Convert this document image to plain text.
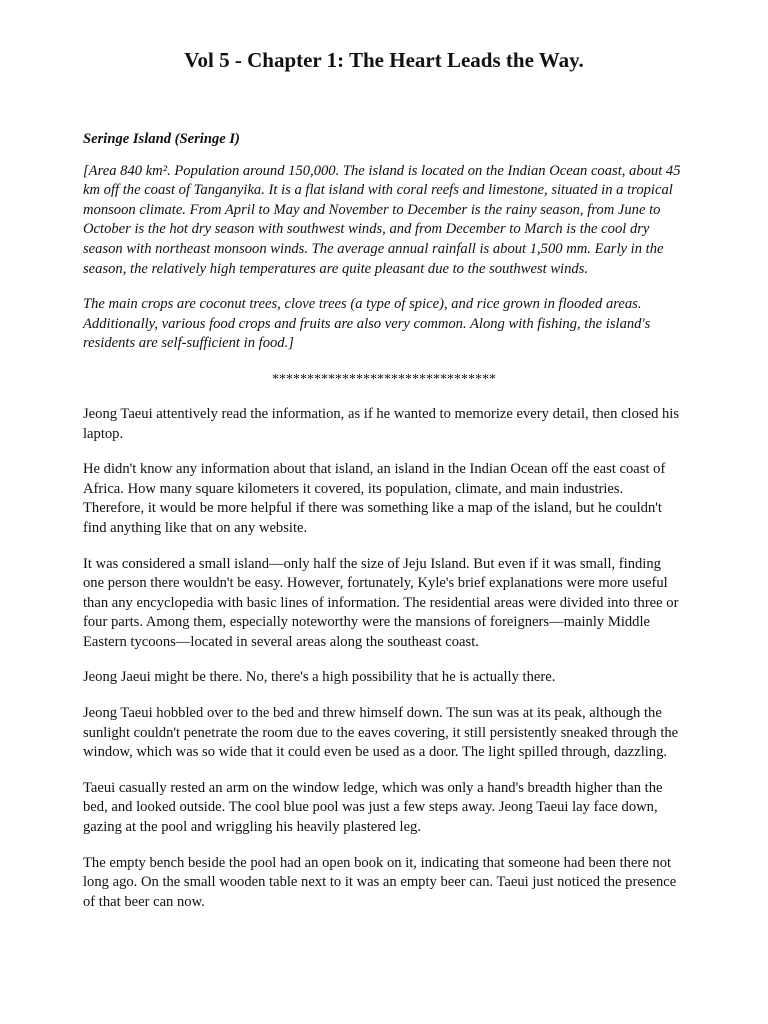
Vol 5 - Chapter 1: The Heart Leads the Way.
Seringe Island (Seringe I)
[Area 840 km². Population around 150,000. The island is located on the Indian Ocean coast, about 45 km off the coast of Tanganyika. It is a flat island with coral reefs and limestone, situated in a tropical monsoon climate. From April to May and November to December is the rainy season, from June to October is the hot dry season with southwest winds, and from December to March is the cool dry season with northeast monsoon winds. The average annual rainfall is about 1,500 mm. Early in the season, the relatively high temperatures are quite pleasant due to the southwest winds.
The main crops are coconut trees, clove trees (a type of spice), and rice grown in flooded areas. Additionally, various food crops and fruits are also very common. Along with fishing, the island's residents are self-sufficient in food.]
********************************
Jeong Taeui attentively read the information, as if he wanted to memorize every detail, then closed his laptop.
He didn't know any information about that island, an island in the Indian Ocean off the east coast of Africa. How many square kilometers it covered, its population, climate, and main industries. Therefore, it would be more helpful if there was something like a map of the island, but he couldn't find anything like that on any website.
It was considered a small island—only half the size of Jeju Island. But even if it was small, finding one person there wouldn't be easy. However, fortunately, Kyle's brief explanations were more useful than any encyclopedia with basic lines of information. The residential areas were divided into three or four parts. Among them, especially noteworthy were the mansions of foreigners—mainly Middle Eastern tycoons—located in several areas along the southeast coast.
Jeong Jaeui might be there. No, there's a high possibility that he is actually there.
Jeong Taeui hobbled over to the bed and threw himself down. The sun was at its peak, although the sunlight couldn't penetrate the room due to the eaves covering, it still persistently sneaked through the window, which was so wide that it could even be used as a door. The light spilled through, dazzling.
Taeui casually rested an arm on the window ledge, which was only a hand's breadth higher than the bed, and looked outside. The cool blue pool was just a few steps away. Jeong Taeui lay face down, gazing at the pool and wriggling his heavily plastered leg.
The empty bench beside the pool had an open book on it, indicating that someone had been there not long ago. On the small wooden table next to it was an empty beer can. Taeui just noticed the presence of that beer can now.
